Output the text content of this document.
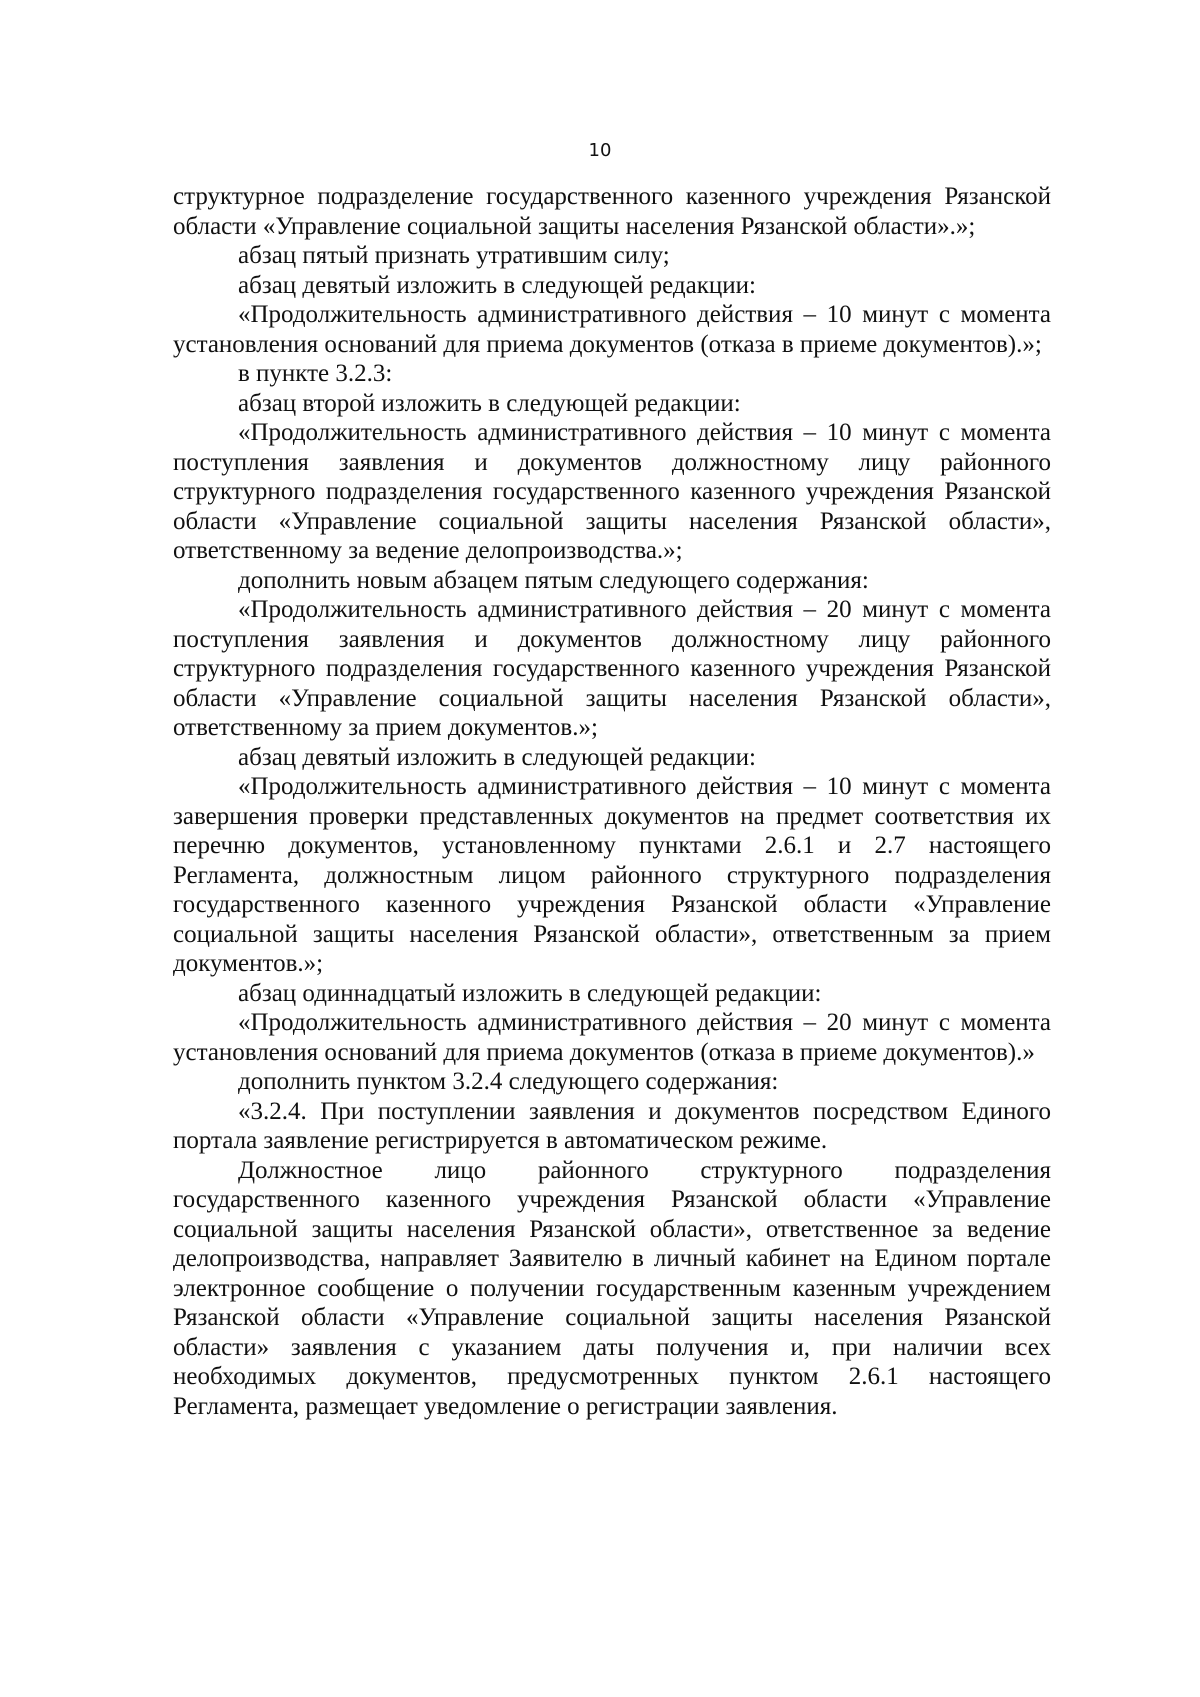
10

структурное подразделение государственного казенного учреждения Рязанской области «Управление социальной защиты населения Рязанской области».»;

абзац пятый признать утратившим силу;

абзац девятый изложить в следующей редакции:

«Продолжительность административного действия – 10 минут с момента установления оснований для приема документов (отказа в приеме документов).»;

в пункте 3.2.3:

абзац второй изложить в следующей редакции:

«Продолжительность административного действия – 10 минут с момента поступления заявления и документов должностному лицу районного структурного подразделения государственного казенного учреждения Рязанской области «Управление социальной защиты населения Рязанской области», ответственному за ведение делопроизводства.»;

дополнить новым абзацем пятым следующего содержания:

«Продолжительность административного действия – 20 минут с момента поступления заявления и документов должностному лицу районного структурного подразделения государственного казенного учреждения Рязанской области «Управление социальной защиты населения Рязанской области», ответственному за прием документов.»;

абзац девятый изложить в следующей редакции:

«Продолжительность административного действия – 10 минут с момента завершения проверки представленных документов на предмет соответствия их перечню документов, установленному пунктами 2.6.1 и 2.7 настоящего Регламента, должностным лицом районного структурного подразделения государственного казенного учреждения Рязанской области «Управление социальной защиты населения Рязанской области», ответственным за прием документов.»;

абзац одиннадцатый изложить в следующей редакции:

«Продолжительность административного действия – 20 минут с момента установления оснований для приема документов (отказа в приеме документов).»

дополнить пунктом 3.2.4 следующего содержания:

«3.2.4. При поступлении заявления и документов посредством Единого портала заявление регистрируется в автоматическом режиме.

Должностное лицо районного структурного подразделения государственного казенного учреждения Рязанской области «Управление социальной защиты населения Рязанской области», ответственное за ведение делопроизводства, направляет Заявителю в личный кабинет на Едином портале электронное сообщение о получении государственным казенным учреждением Рязанской области «Управление социальной защиты населения Рязанской области» заявления с указанием даты получения и, при наличии всех необходимых документов, предусмотренных пунктом 2.6.1 настоящего Регламента, размещает уведомление о регистрации заявления.
